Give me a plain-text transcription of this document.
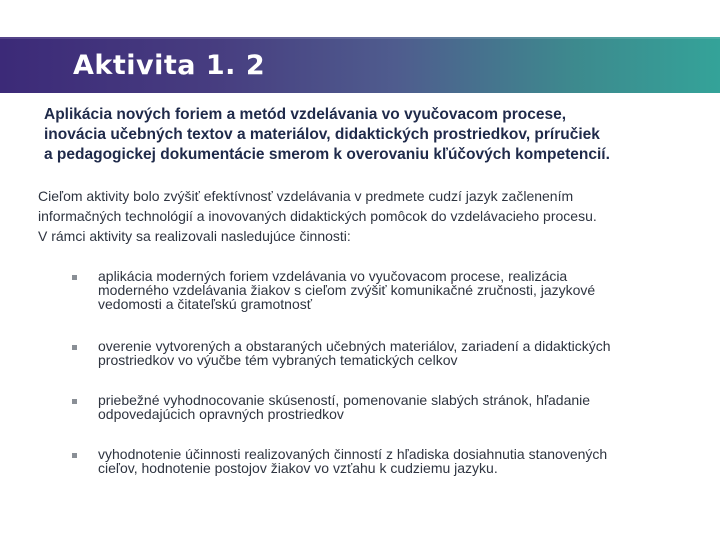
Aktivita 1. 2
Aplikácia nových foriem a metód vzdelávania vo vyučovacom procese,
inovácia učebných textov a materiálov, didaktických prostriedkov, príručiek
a pedagogickej dokumentácie smerom k overovaniu kľúčových kompetencií.
Cieľom aktivity bolo zvýšiť efektívnosť vzdelávania v predmete cudzí jazyk začlenením
informačných technológií a inovovaných didaktických pomôcok do vzdelávacieho procesu.
V rámci aktivity sa realizovali nasledujúce činnosti:
aplikácia moderných foriem vzdelávania vo vyučovacom procese, realizácia
moderného vzdelávania žiakov s cieľom zvýšiť komunikačné zručnosti, jazykové
vedomosti a čitateľskú gramotnosť
overenie vytvorených a obstaraných učebných materiálov, zariadení a didaktických
prostriedkov vo výučbe tém vybraných tematických celkov
priebežné vyhodnocovanie skúseností, pomenovanie slabých stránok, hľadanie
odpovedajúcich opravných prostriedkov
vyhodnotenie účinnosti realizovaných činností z hľadiska dosiahnutia stanovených
cieľov, hodnotenie postojov žiakov vo vzťahu k cudziemu jazyku.
